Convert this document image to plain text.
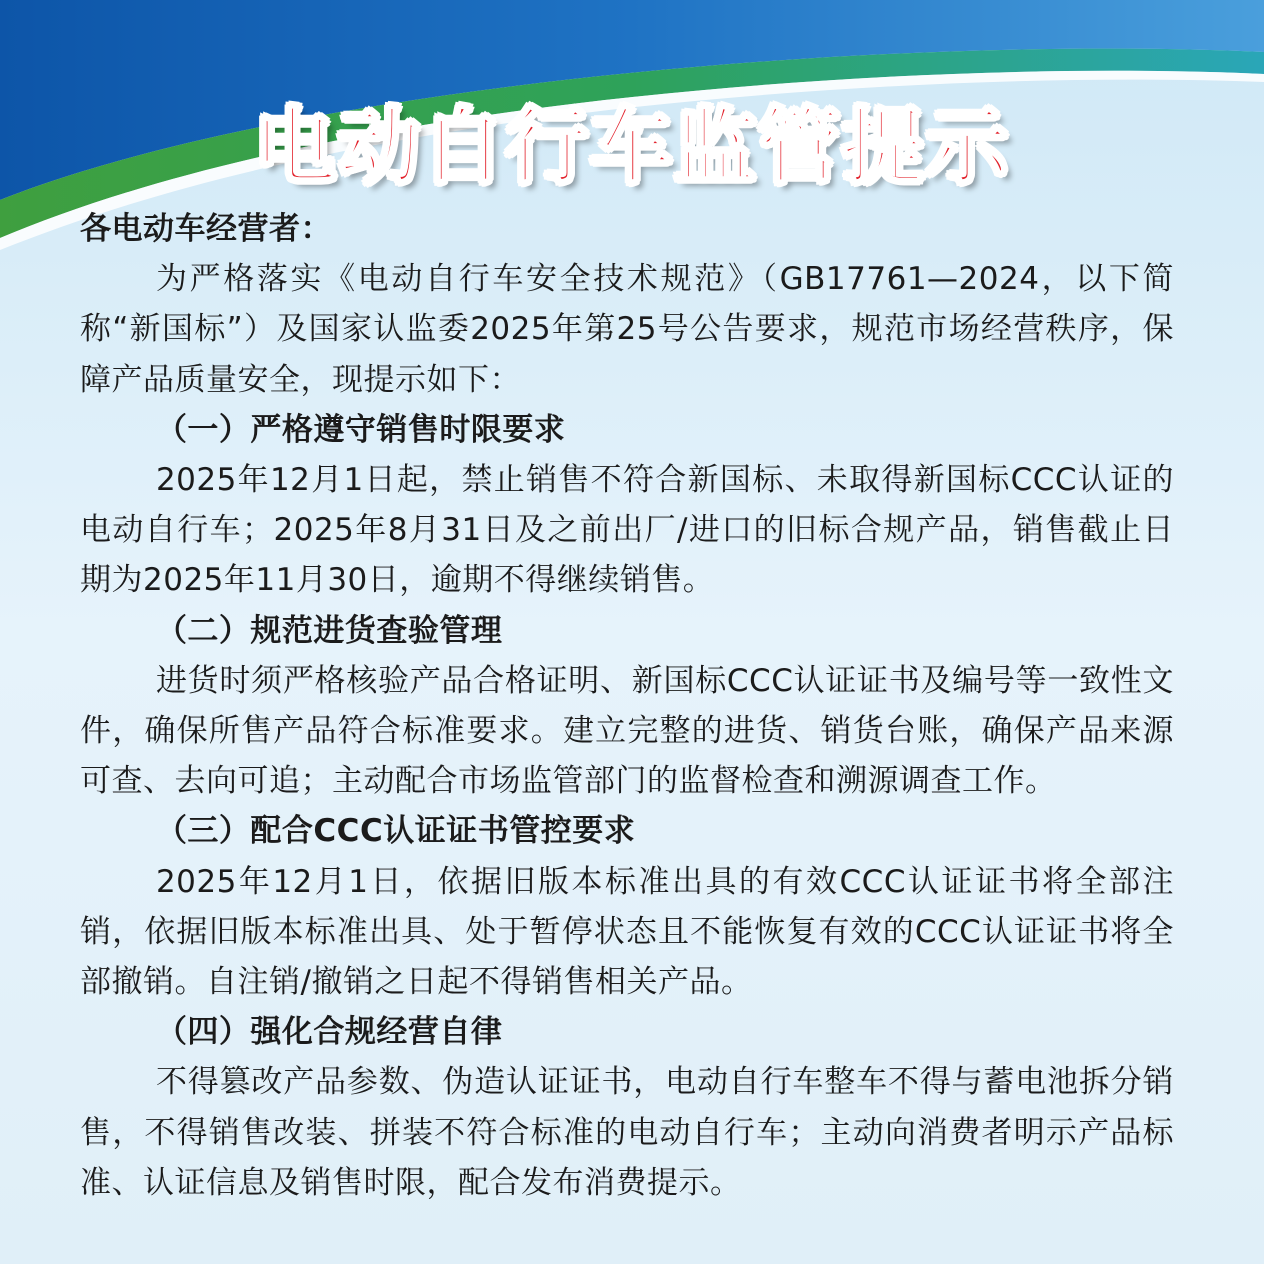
电动自行车监管提示

各电动车经营者：

为严格落实《电动自行车安全技术规范》（GB17761—2024，以下简称“新国标”）及国家认监委2025年第25号公告要求，规范市场经营秩序，保障产品质量安全，现提示如下：

（一）严格遵守销售时限要求

2025年12月1日起，禁止销售不符合新国标、未取得新国标CCC认证的电动自行车；2025年8月31日及之前出厂/进口的旧标合规产品，销售截止日期为2025年11月30日，逾期不得继续销售。

（二）规范进货查验管理

进货时须严格核验产品合格证明、新国标CCC认证证书及编号等一致性文件，确保所售产品符合标准要求。建立完整的进货、销货台账，确保产品来源可查、去向可追；主动配合市场监管部门的监督检查和溯源调查工作。

（三）配合CCC认证证书管控要求

2025年12月1日，依据旧版本标准出具的有效CCC认证证书将全部注销，依据旧版本标准出具、处于暂停状态且不能恢复有效的CCC认证证书将全部撤销。自注销/撤销之日起不得销售相关产品。

（四）强化合规经营自律

不得篡改产品参数、伪造认证证书，电动自行车整车不得与蓄电池拆分销售，不得销售改装、拼装不符合标准的电动自行车；主动向消费者明示产品标准、认证信息及销售时限，配合发布消费提示。
